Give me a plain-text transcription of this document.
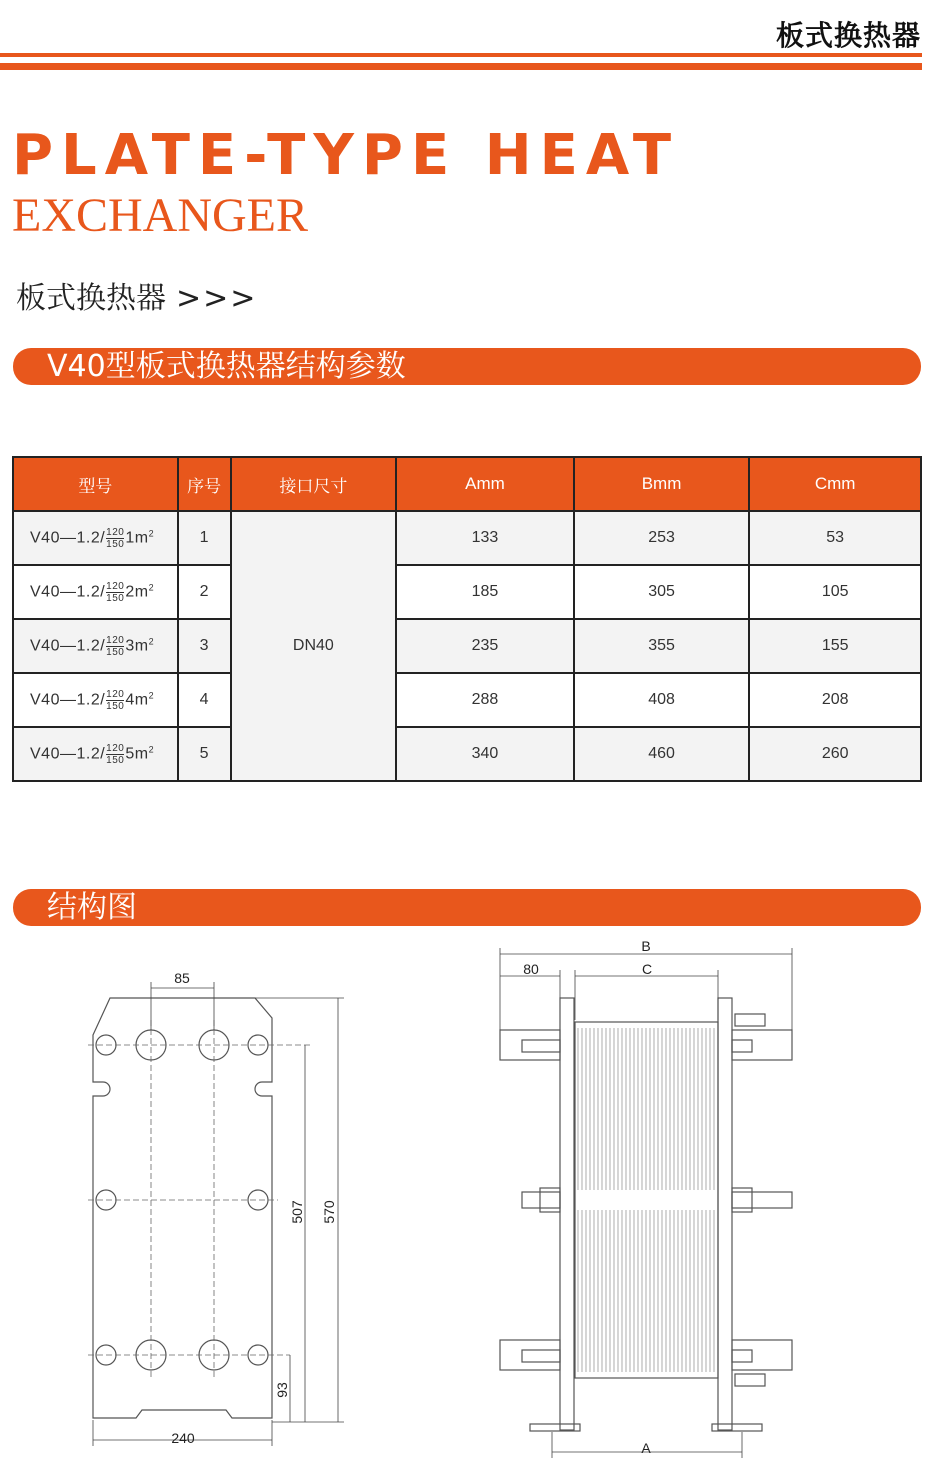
板式换热器
PLATE-TYPE HEAT
EXCHANGER
板式换热器 >>>
V40型板式换热器结构参数
型号	序号	接口尺寸	Amm	Bmm	Cmm
V40—1.2/ $\frac{120}{150} 1m^2$	1	DN40	133	253	53
V40—1.2/ $\frac{120}{150} 2m^2$	2		185	305	105
V40—1.2/ $\frac{120}{150} 3m^2$	3		235	355	155
V40—1.2/ $\frac{120}{150} 4m^2$	4		288	408	208
V40—1.2/ $\frac{120}{150} 5m^2$	5		340	460	260
结构图
85
240
507 570
93
B
C
80
A
